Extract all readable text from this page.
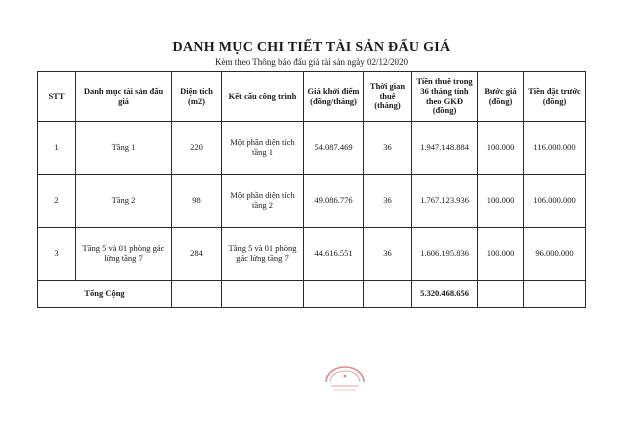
DANH MỤC CHI TIẾT TÀI SẢN ĐẤU GIÁ
Kèm theo Thông báo đấu giá tài sản ngày 02/12/2020
STT	Danh mục tài sản đấu giá	Diện tích (m2)	Kết cấu công trình	Giá khởi điểm (đồng/tháng)	Thời gian thuê (tháng)	Tiền thuê trong 36 tháng tính theo GKĐ (đồng)	Bước giá (đồng)	Tiền đặt trước (đồng)
1	Tầng 1	220	Một phần diện tích tầng 1	54.087.469	36	1.947.148.884	100.000	116.000.000
2	Tầng 2	98	Một phần diện tích tầng 2	49.086.776	36	1.767.123.936	100.000	106.000.000
3	Tầng 5 và 01 phòng gác lửng tầng 7	284	Tầng 5 và 01 phòng gác lửng tầng 7	44.616.551	36	1.606.195.836	100.000	96.000.000
Tổng Cộng						5.320.468.656		
